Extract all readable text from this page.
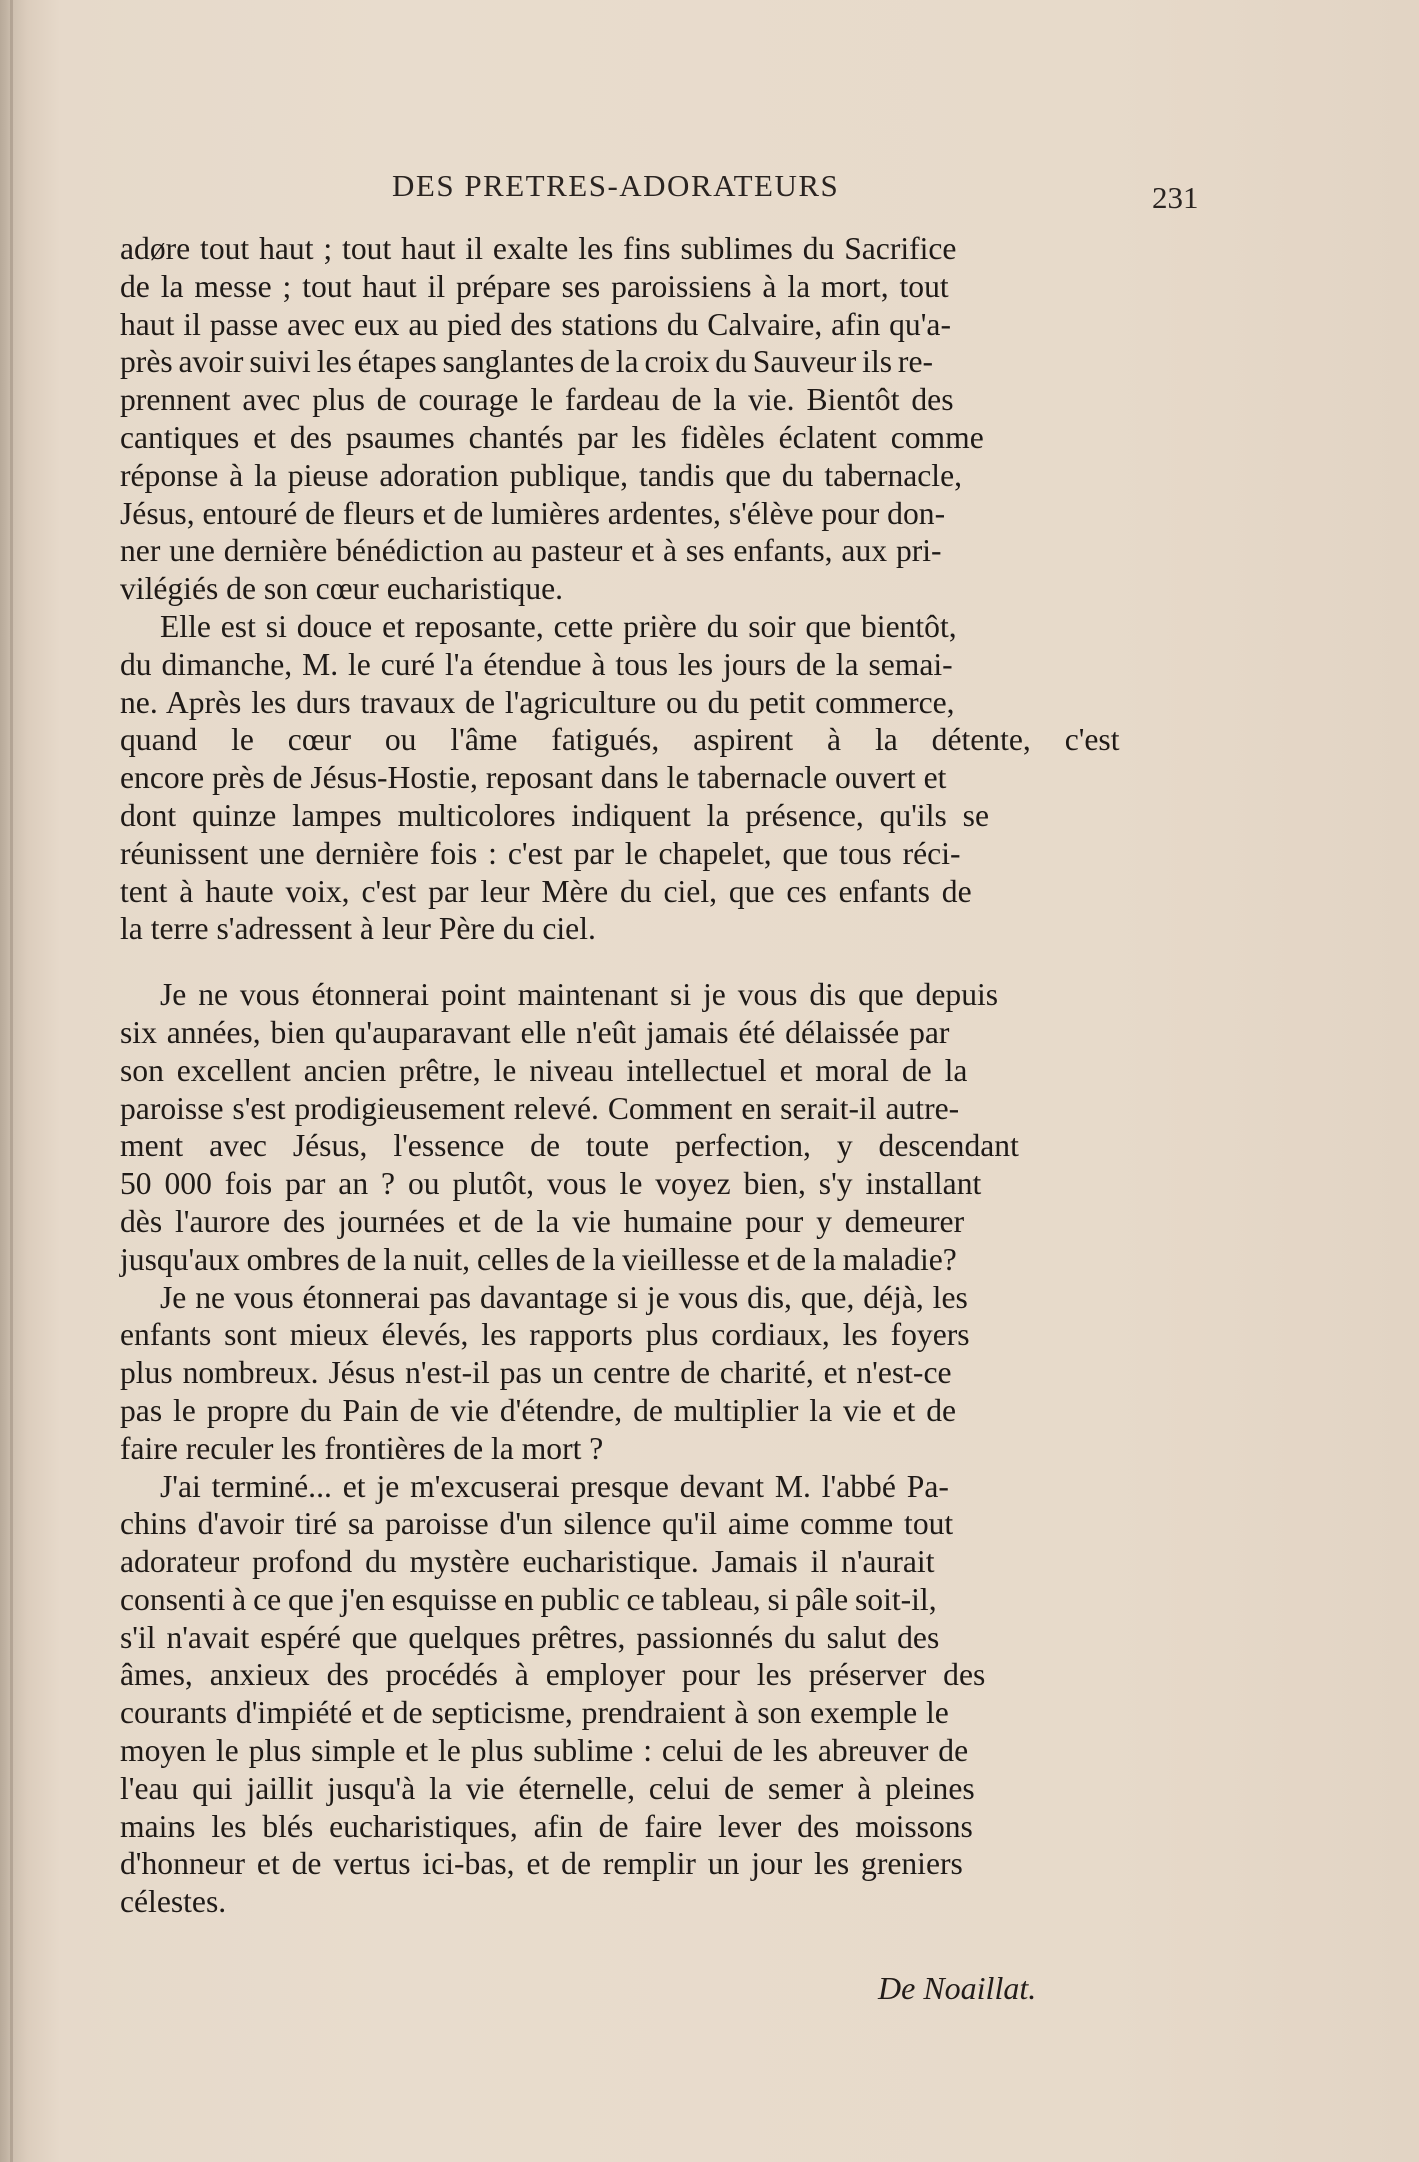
DES PRETRES-ADORATEURS	231
adøre tout haut ; tout haut il exalte les fins sublimes du Sacrifice
de la messe ; tout haut il prépare ses paroissiens à la mort, tout
haut il passe avec eux au pied des stations du Calvaire, afin qu'a-
près avoir suivi les étapes sanglantes de la croix du Sauveur ils re-
prennent avec plus de courage le fardeau de la vie. Bientôt des
cantiques et des psaumes chantés par les fidèles éclatent comme
réponse à la pieuse adoration publique, tandis que du tabernacle,
Jésus, entouré de fleurs et de lumières ardentes, s'élève pour don-
ner une dernière bénédiction au pasteur et à ses enfants, aux pri-
vilégiés de son cœur eucharistique.
Elle est si douce et reposante, cette prière du soir que bientôt,
du dimanche, M. le curé l'a étendue à tous les jours de la semai-
ne. Après les durs travaux de l'agriculture ou du petit commerce,
quand le cœur ou l'âme fatigués, aspirent à la détente, c'est
encore près de Jésus-Hostie, reposant dans le tabernacle ouvert et
dont quinze lampes multicolores indiquent la présence, qu'ils se
réunissent une dernière fois : c'est par le chapelet, que tous réci-
tent à haute voix, c'est par leur Mère du ciel, que ces enfants de
la terre s'adressent à leur Père du ciel.
Je ne vous étonnerai point maintenant si je vous dis que depuis
six années, bien qu'auparavant elle n'eût jamais été délaissée par
son excellent ancien prêtre, le niveau intellectuel et moral de la
paroisse s'est prodigieusement relevé. Comment en serait-il autre-
ment avec Jésus, l'essence de toute perfection, y descendant
50 000 fois par an ? ou plutôt, vous le voyez bien, s'y installant
dès l'aurore des journées et de la vie humaine pour y demeurer
jusqu'aux ombres de la nuit, celles de la vieillesse et de la maladie?
Je ne vous étonnerai pas davantage si je vous dis, que, déjà, les
enfants sont mieux élevés, les rapports plus cordiaux, les foyers
plus nombreux. Jésus n'est-il pas un centre de charité, et n'est-ce
pas le propre du Pain de vie d'étendre, de multiplier la vie et de
faire reculer les frontières de la mort ?
J'ai terminé... et je m'excuserai presque devant M. l'abbé Pa-
chins d'avoir tiré sa paroisse d'un silence qu'il aime comme tout
adorateur profond du mystère eucharistique. Jamais il n'aurait
consenti à ce que j'en esquisse en public ce tableau, si pâle soit-il,
s'il n'avait espéré que quelques prêtres, passionnés du salut des
âmes, anxieux des procédés à employer pour les préserver des
courants d'impiété et de septicisme, prendraient à son exemple le
moyen le plus simple et le plus sublime : celui de les abreuver de
l'eau qui jaillit jusqu'à la vie éternelle, celui de semer à pleines
mains les blés eucharistiques, afin de faire lever des moissons
d'honneur et de vertus ici-bas, et de remplir un jour les greniers
célestes.
De Noaillat.
